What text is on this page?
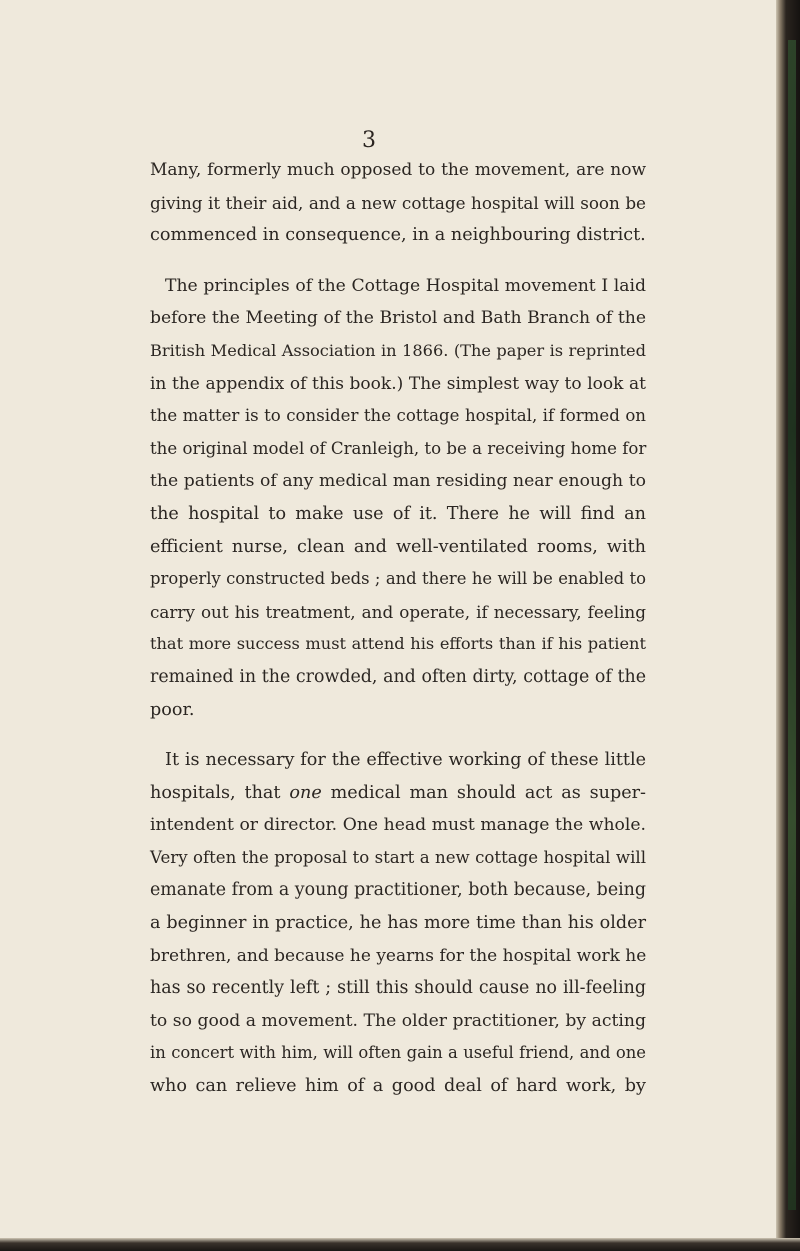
3
Many, formerly much opposed to the movement, are now
giving it their aid, and a new cottage hospital will soon be
commenced in consequence, in a neighbouring district.
The principles of the Cottage Hospital movement I laid
before the Meeting of the Bristol and Bath Branch of the
British Medical Association in 1866. (The paper is reprinted
in the appendix of this book.) The simplest way to look at
the matter is to consider the cottage hospital, if formed on
the original model of Cranleigh, to be a receiving home for
the patients of any medical man residing near enough to
the hospital to make use of it. There he will find an
efficient nurse, clean and well-ventilated rooms, with
properly constructed beds ; and there he will be enabled to
carry out his treatment, and operate, if necessary, feeling
that more success must attend his efforts than if his patient
remained in the crowded, and often dirty, cottage of the
poor.
It is necessary for the effective working of these little
hospitals, that one medical man should act as super-
intendent or director. One head must manage the whole.
Very often the proposal to start a new cottage hospital will
emanate from a young practitioner, both because, being
a beginner in practice, he has more time than his older
brethren, and because he yearns for the hospital work he
has so recently left ; still this should cause no ill-feeling
to so good a movement. The older practitioner, by acting
in concert with him, will often gain a useful friend, and one
who can relieve him of a good deal of hard work, by
